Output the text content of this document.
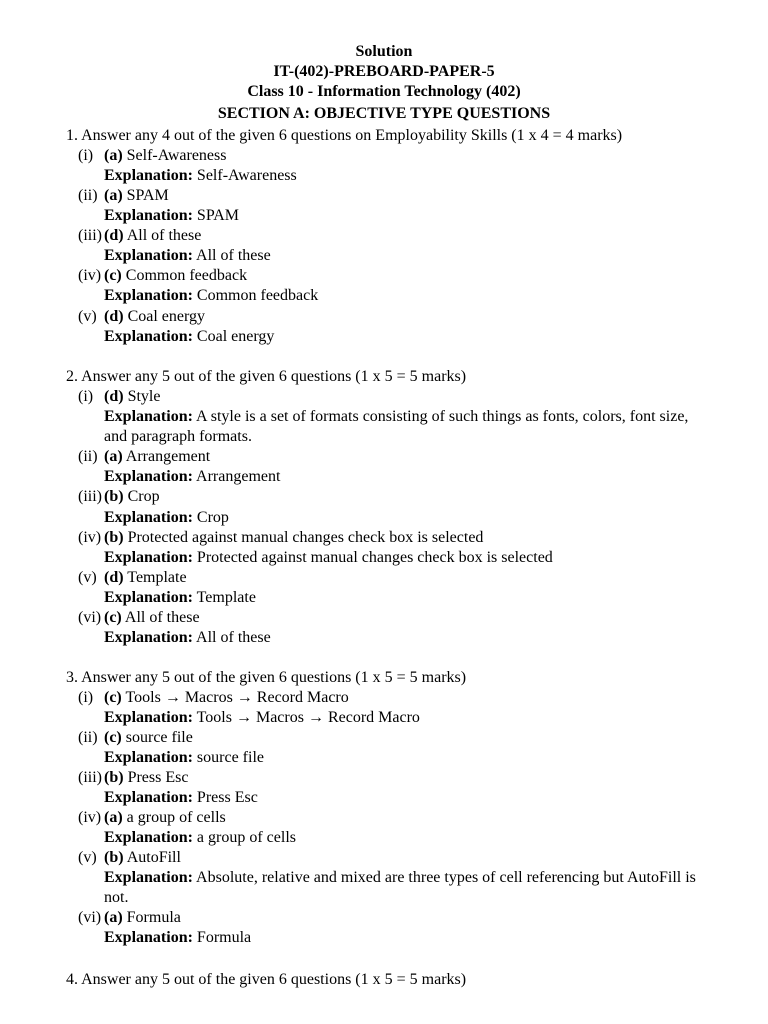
Solution
IT-(402)-PREBOARD-PAPER-5
Class 10 - Information Technology (402)
SECTION A: OBJECTIVE TYPE QUESTIONS
1. Answer any 4 out of the given 6 questions on Employability Skills (1 x 4 = 4 marks)
(i) (a) Self-Awareness
Explanation: Self-Awareness
(ii) (a) SPAM
Explanation: SPAM
(iii) (d) All of these
Explanation: All of these
(iv) (c) Common feedback
Explanation: Common feedback
(v) (d) Coal energy
Explanation: Coal energy
2. Answer any 5 out of the given 6 questions (1 x 5 = 5 marks)
(i) (d) Style
Explanation: A style is a set of formats consisting of such things as fonts, colors, font size, and paragraph formats.
(ii) (a) Arrangement
Explanation: Arrangement
(iii) (b) Crop
Explanation: Crop
(iv) (b) Protected against manual changes check box is selected
Explanation: Protected against manual changes check box is selected
(v) (d) Template
Explanation: Template
(vi) (c) All of these
Explanation: All of these
3. Answer any 5 out of the given 6 questions (1 x 5 = 5 marks)
(i) (c) Tools → Macros → Record Macro
Explanation: Tools → Macros → Record Macro
(ii) (c) source file
Explanation: source file
(iii) (b) Press Esc
Explanation: Press Esc
(iv) (a) a group of cells
Explanation: a group of cells
(v) (b) AutoFill
Explanation: Absolute, relative and mixed are three types of cell referencing but AutoFill is not.
(vi) (a) Formula
Explanation: Formula
4. Answer any 5 out of the given 6 questions (1 x 5 = 5 marks)
